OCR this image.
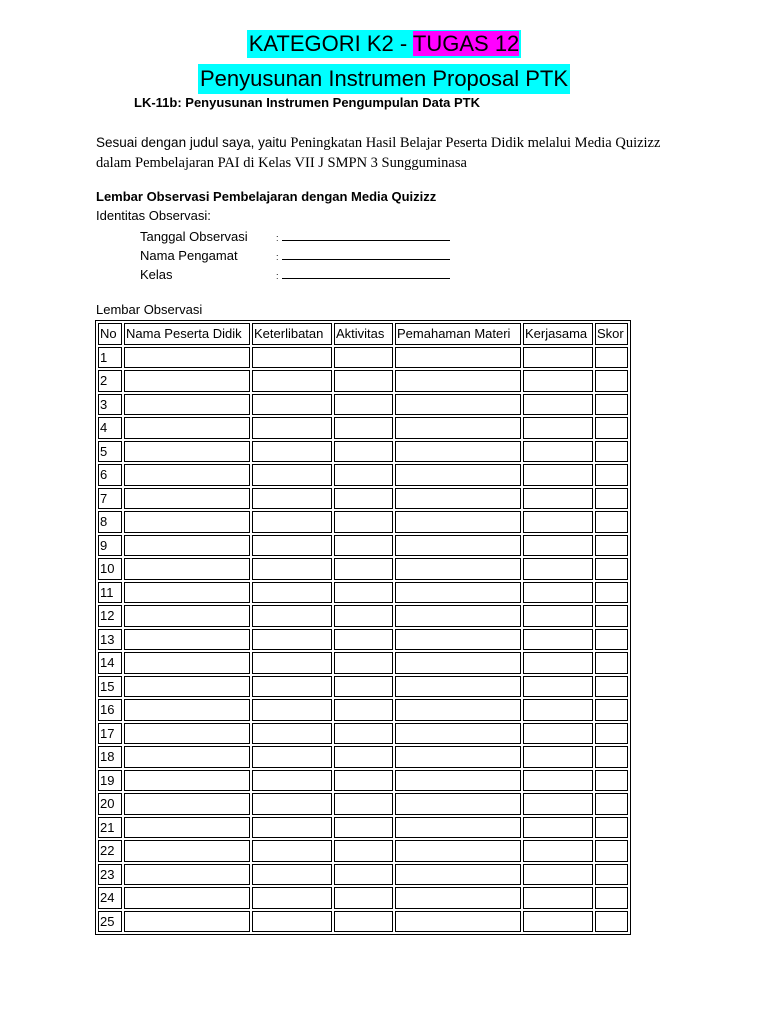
KATEGORI K2 - TUGAS 12
Penyusunan Instrumen Proposal PTK
LK-11b: Penyusunan Instrumen Pengumpulan Data PTK
Sesuai dengan judul saya, yaitu Peningkatan Hasil Belajar Peserta Didik melalui Media Quizizz
dalam Pembelajaran PAI di Kelas VII J SMPN 3 Sungguminasa
Lembar Observasi Pembelajaran dengan Media Quizizz
Identitas Observasi:
Tanggal Observasi	:
Nama Pengamat	:
Kelas	:
Lembar Observasi
No	Nama Peserta Didik	Keterlibatan	Aktivitas	Pemahaman Materi	Kerjasama	Skor
1						
2						
3						
4						
5						
6						
7						
8						
9						
10						
11						
12						
13						
14						
15						
16						
17						
18						
19						
20						
21						
22						
23						
24						
25						
